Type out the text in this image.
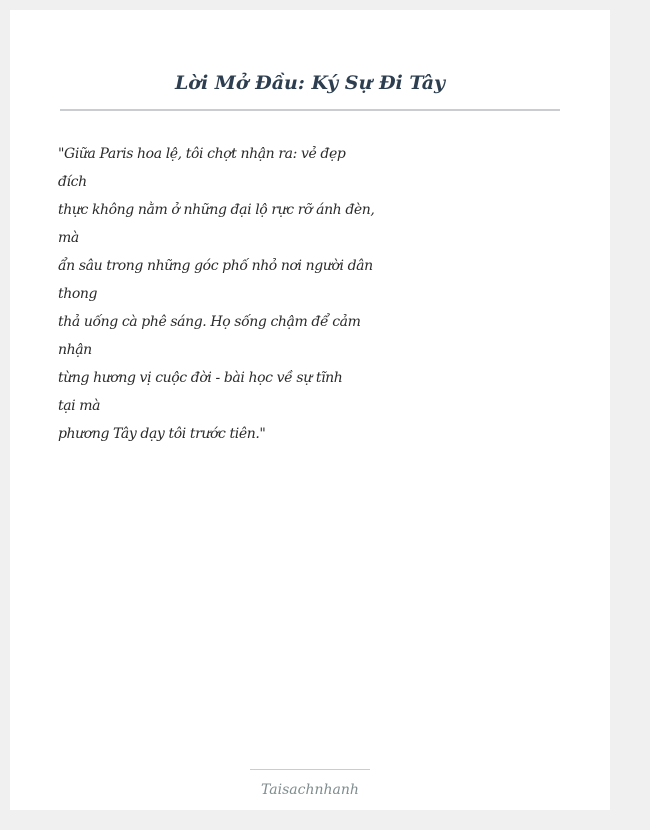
Lời Mở Đầu: Ký Sự Đi Tây
"Giữa Paris hoa lệ, tôi chợt nhận ra: vẻ đẹp
đích
thực không nằm ở những đại lộ rực rỡ ánh đèn,
mà
ẩn sâu trong những góc phố nhỏ nơi người dân
thong
thả uống cà phê sáng. Họ sống chậm để cảm
nhận
từng hương vị cuộc đời - bài học về sự tĩnh
tại mà
phương Tây dạy tôi trước tiên."
Taisachnhanh
